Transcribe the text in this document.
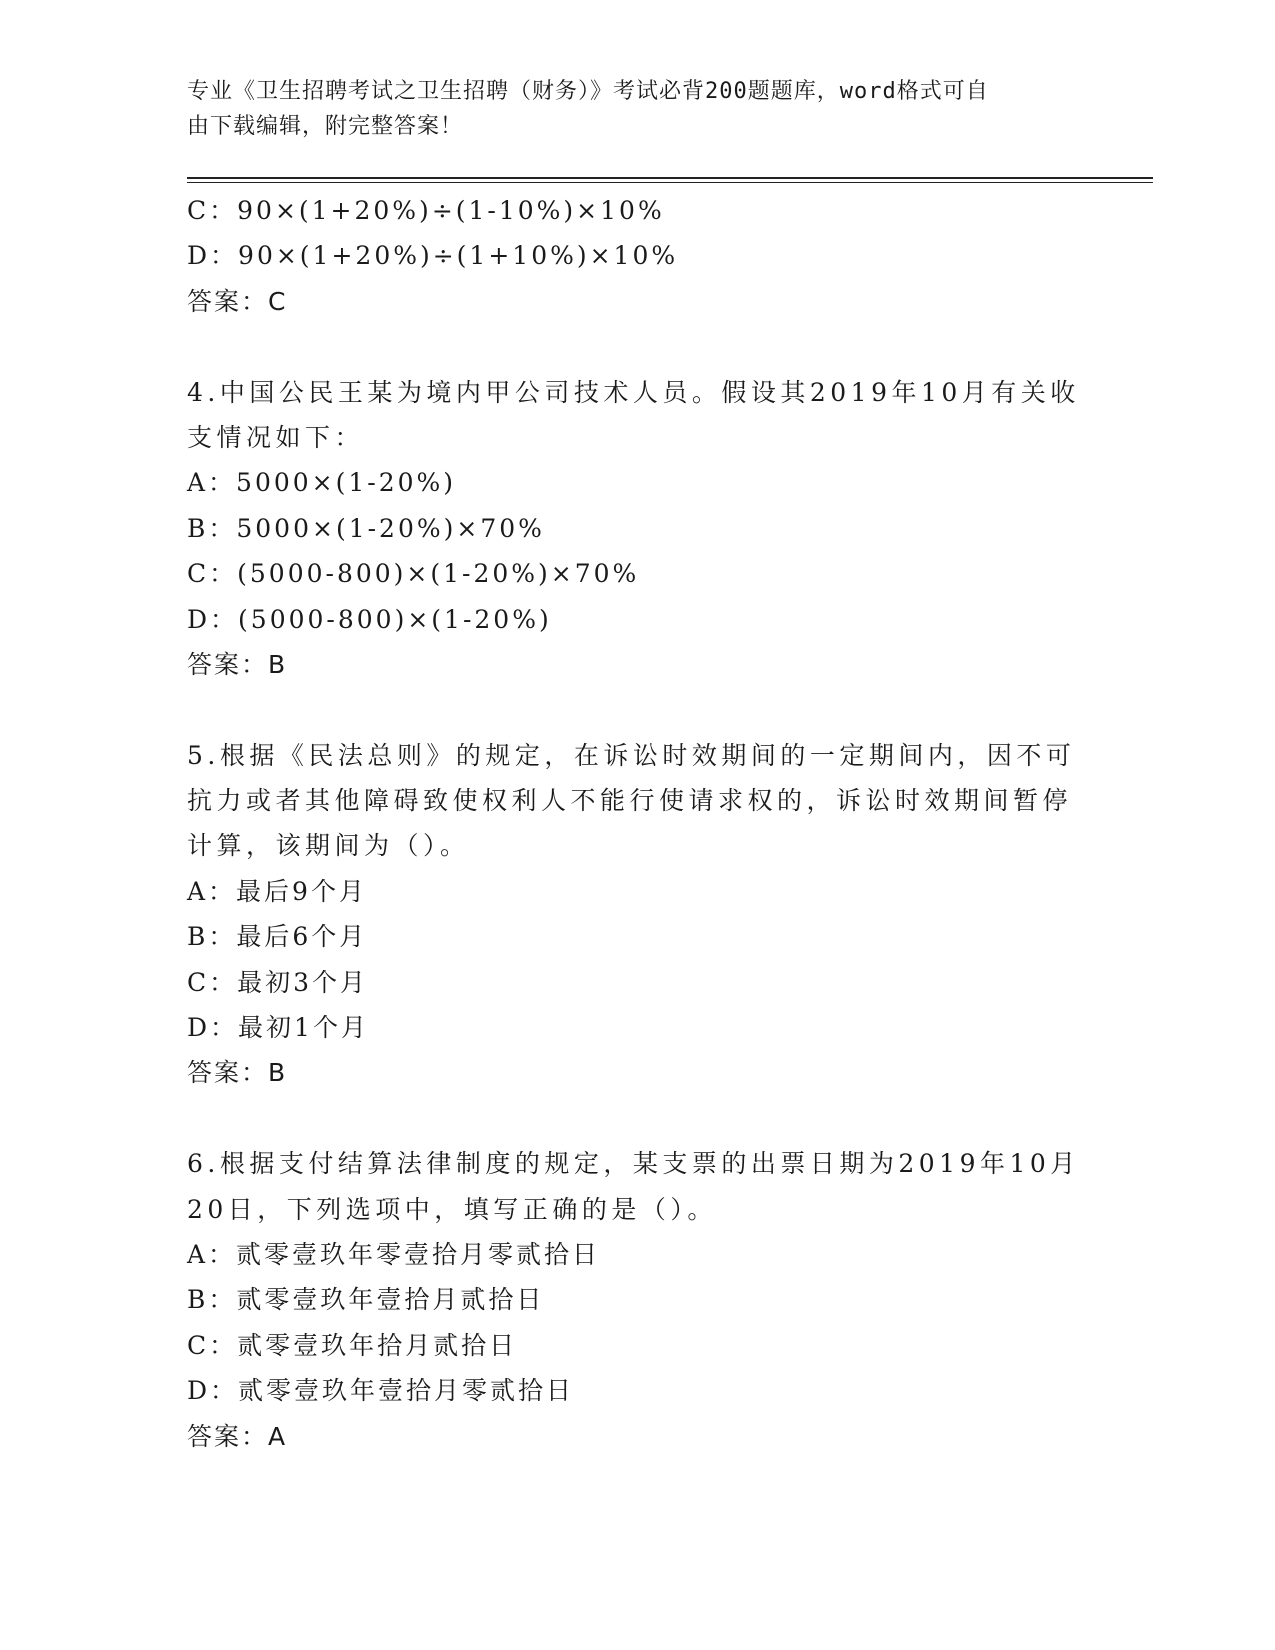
专业《卫生招聘考试之卫生招聘（财务）》考试必背200题题库，word格式可自
由下载编辑，附完整答案！
C：90×(1+20%)÷(1-10%)×10%
D：90×(1+20%)÷(1+10%)×10%
答案：C
4.中国公民王某为境内甲公司技术人员。假设其2019年10月有关收
支情况如下：
A：5000×(1-20%)
B：5000×(1-20%)×70%
C：(5000-800)×(1-20%)×70%
D：(5000-800)×(1-20%)
答案：B
5.根据《民法总则》的规定，在诉讼时效期间的一定期间内，因不可
抗力或者其他障碍致使权利人不能行使请求权的，诉讼时效期间暂停
计算，该期间为（）。
A：最后9个月
B：最后6个月
C：最初3个月
D：最初1个月
答案：B
6.根据支付结算法律制度的规定，某支票的出票日期为2019年10月
20日，下列选项中，填写正确的是（）。
A：贰零壹玖年零壹拾月零贰拾日
B：贰零壹玖年壹拾月贰拾日
C：贰零壹玖年拾月贰拾日
D：贰零壹玖年壹拾月零贰拾日
答案：A
